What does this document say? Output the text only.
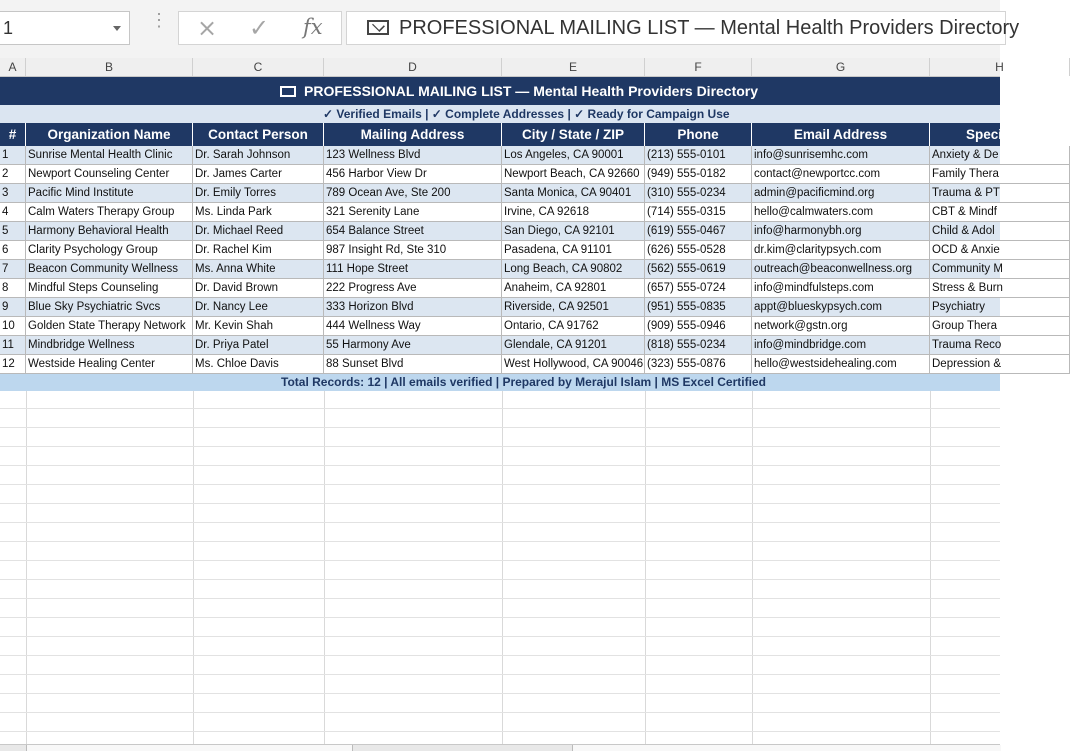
1	⋮ × ✓ fx	PROFESSIONAL MAILING LIST — Mental Health Providers Directory
A	B	C	D	E	F	G	H
PROFESSIONAL MAILING LIST — Mental Health Providers Directory
✓ Verified Emails | ✓ Complete Addresses | ✓ Ready for Campaign Use
#	Organization Name	Contact Person	Mailing Address	City / State / ZIP	Phone	Email Address	Speci
1	Sunrise Mental Health Clinic	Dr. Sarah Johnson	123 Wellness Blvd	Los Angeles, CA 90001	(213) 555-0101	info@sunrisemhc.com	Anxiety & De
2	Newport Counseling Center	Dr. James Carter	456 Harbor View Dr	Newport Beach, CA 92660 (949) 555-0182	contact@newportcc.com	Family Thera
3	Pacific Mind Institute	Dr. Emily Torres	789 Ocean Ave, Ste 200	Santa Monica, CA 90401	(310) 555-0234	admin@pacificmind.org	Trauma & PT
4	Calm Waters Therapy Group	Ms. Linda Park	321 Serenity Lane	Irvine, CA 92618	(714) 555-0315	hello@calmwaters.com	CBT & Mindf
5	Harmony Behavioral Health	Dr. Michael Reed	654 Balance Street	San Diego, CA 92101	(619) 555-0467	info@harmonybh.org	Child & Adol
6	Clarity Psychology Group	Dr. Rachel Kim	987 Insight Rd, Ste 310	Pasadena, CA 91101	(626) 555-0528	dr.kim@claritypsych.com	OCD & Anxie
7	Beacon Community Wellness	Ms. Anna White	111 Hope Street	Long Beach, CA 90802	(562) 555-0619	outreach@beaconwellness.org	Community M
8	Mindful Steps Counseling	Dr. David Brown	222 Progress Ave	Anaheim, CA 92801	(657) 555-0724	info@mindfulsteps.com	Stress & Burn
9	Blue Sky Psychiatric Svcs	Dr. Nancy Lee	333 Horizon Blvd	Riverside, CA 92501	(951) 555-0835	appt@blueskypsych.com	Psychiatry
10	Golden State Therapy Network Mr. Kevin Shah	444 Wellness Way	Ontario, CA 91762	(909) 555-0946	network@gstn.org	Group Thera
11	Mindbridge Wellness	Dr. Priya Patel	55 Harmony Ave	Glendale, CA 91201	(818) 555-0234	info@mindbridge.com	Trauma Reco
12	Westside Healing Center	Ms. Chloe Davis	88 Sunset Blvd	West Hollywood, CA 90046 (323) 555-0876	hello@westsidehealing.com	Depression &
Total Records: 12 | All emails verified | Prepared by Merajul Islam | MS Excel Certified
